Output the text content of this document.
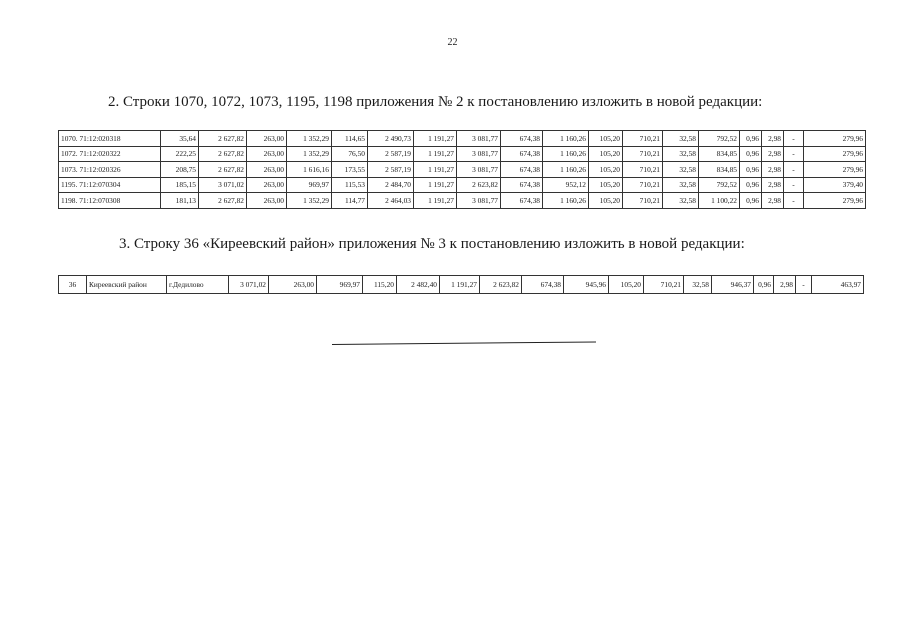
22
2. Строки 1070, 1072, 1073, 1195, 1198 приложения № 2 к постановлению изложить в новой редакции:
1070. 71:12:020318	35,64	2 627,82	263,00	1 352,29	114,65	2 490,73	1 191,27	3 081,77	674,38	1 160,26	105,20	710,21	32,58	792,52	0,96	2,98	-	279,96
1072. 71:12:020322	222,25	2 627,82	263,00	1 352,29	76,50	2 587,19	1 191,27	3 081,77	674,38	1 160,26	105,20	710,21	32,58	834,85	0,96	2,98	-	279,96
1073. 71:12:020326	208,75	2 627,82	263,00	1 616,16	173,55	2 587,19	1 191,27	3 081,77	674,38	1 160,26	105,20	710,21	32,58	834,85	0,96	2,98	-	279,96
1195. 71:12:070304	185,15	3 071,02	263,00	969,97	115,53	2 484,70	1 191,27	2 623,82	674,38	952,12	105,20	710,21	32,58	792,52	0,96	2,98	-	379,40
1198. 71:12:070308	181,13	2 627,82	263,00	1 352,29	114,77	2 464,03	1 191,27	3 081,77	674,38	1 160,26	105,20	710,21	32,58	1 100,22	0,96	2,98	-	279,96
3. Строку 36 «Киреевский район» приложения № 3 к постановлению изложить в новой редакции:
36	Киреевский район	г.Дедилово	3 071,02	263,00	969,97	115,20	2 482,40	1 191,27	2 623,82	674,38	945,96	105,20	710,21	32,58	946,37	0,96	2,98	-	463,97
